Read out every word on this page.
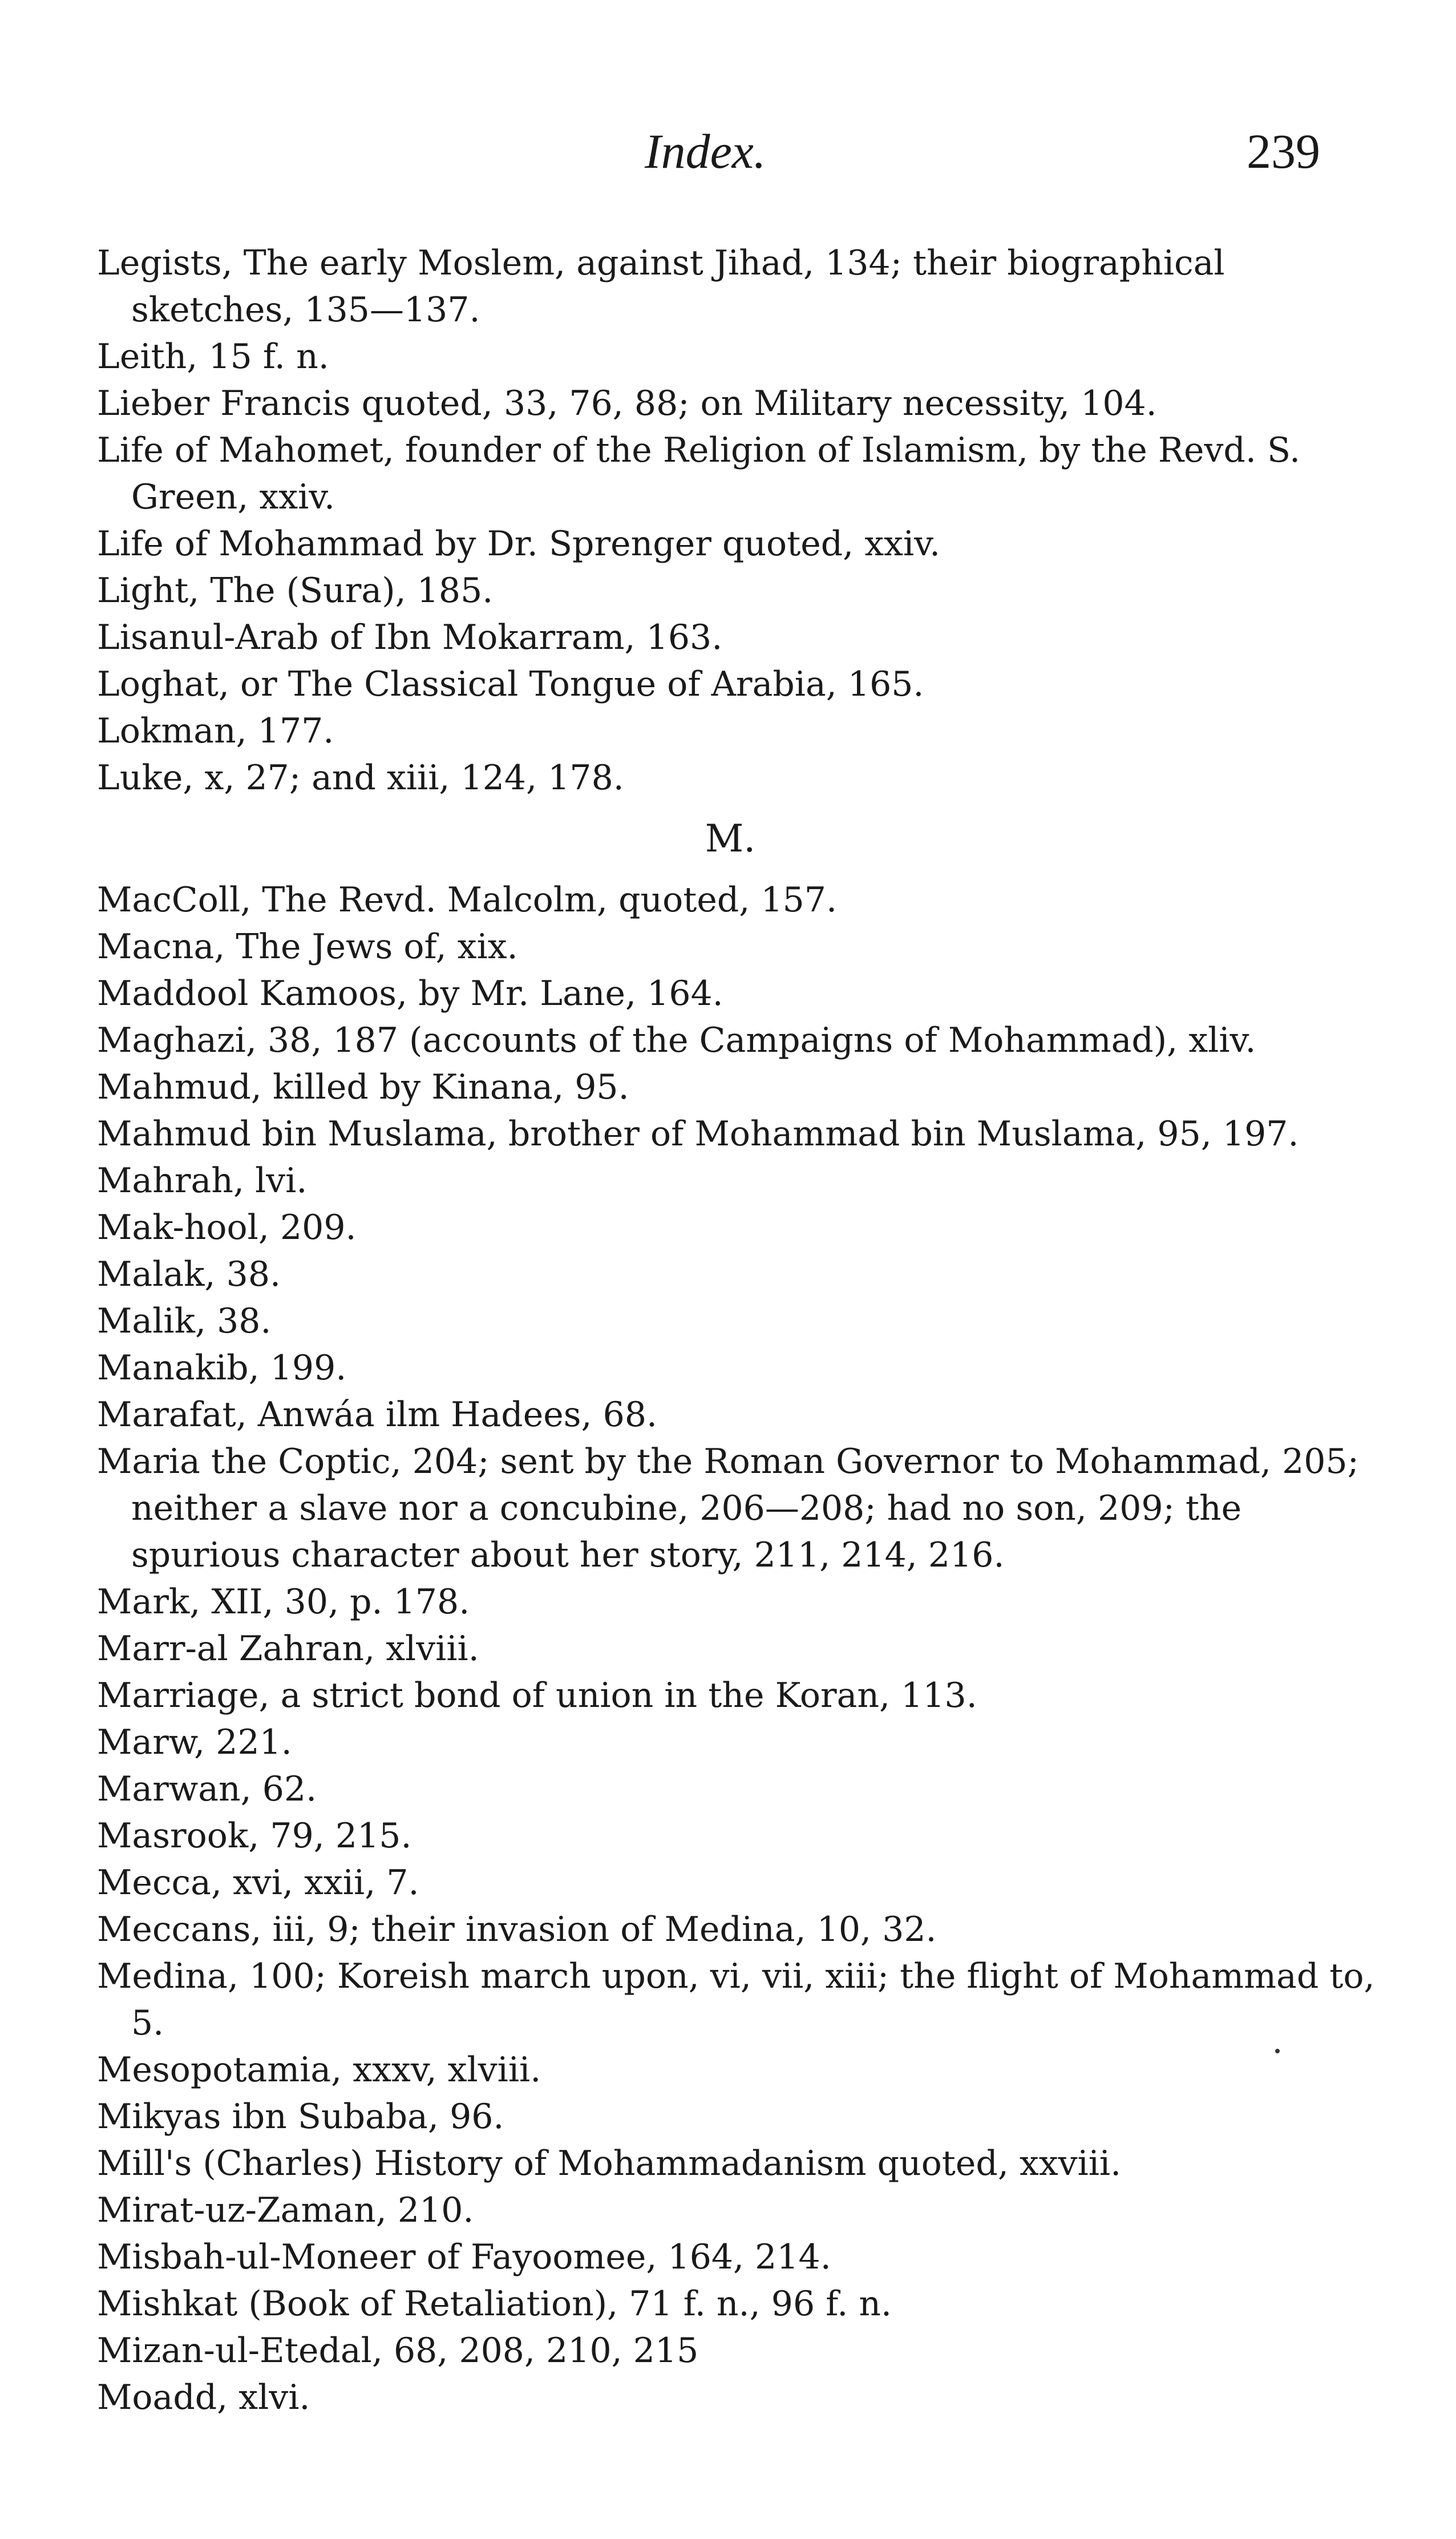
Index.	239

Legists, The early Moslem, against Jihad, 134; their biographical sketches, 135—137.

Leith, 15 f. n.

Lieber Francis quoted, 33, 76, 88; on Military necessity, 104.

Life of Mahomet, founder of the Religion of Islamism, by the Revd. S. Green, xxiv.

Life of Mohammad by Dr. Sprenger quoted, xxiv.

Light, The (Sura), 185.

Lisanul-Arab of Ibn Mokarram, 163.

Loghat, or The Classical Tongue of Arabia, 165.

Lokman, 177.

Luke, x, 27; and xiii, 124, 178.

M.

MacColl, The Revd. Malcolm, quoted, 157.

Macna, The Jews of, xix.

Maddool Kamoos, by Mr. Lane, 164.

Maghazi, 38, 187 (accounts of the Campaigns of Mohammad), xliv.

Mahmud, killed by Kinana, 95.

Mahmud bin Muslama, brother of Mohammad bin Muslama, 95, 197.

Mahrah, lvi.

Mak-hool, 209.

Malak, 38.

Malik, 38.

Manakib, 199.

Marafat, Anwáa ilm Hadees, 68.

Maria the Coptic, 204; sent by the Roman Governor to Mohammad, 205; neither a slave nor a concubine, 206—208; had no son, 209; the spurious character about her story, 211, 214, 216.

Mark, XII, 30, p. 178.

Marr-al Zahran, xlviii.

Marriage, a strict bond of union in the Koran, 113.

Marw, 221.

Marwan, 62.

Masrook, 79, 215.

Mecca, xvi, xxii, 7.

Meccans, iii, 9; their invasion of Medina, 10, 32.

Medina, 100; Koreish march upon, vi, vii, xiii; the flight of Mohammad to, 5.

Mesopotamia, xxxv, xlviii.

Mikyas ibn Subaba, 96.

Mill's (Charles) History of Mohammadanism quoted, xxviii.

Mirat-uz-Zaman, 210.

Misbah-ul-Moneer of Fayoomee, 164, 214.

Mishkat (Book of Retaliation), 71 f. n., 96 f. n.

Mizan-ul-Etedal, 68, 208, 210, 215

Moadd, xlvi.
